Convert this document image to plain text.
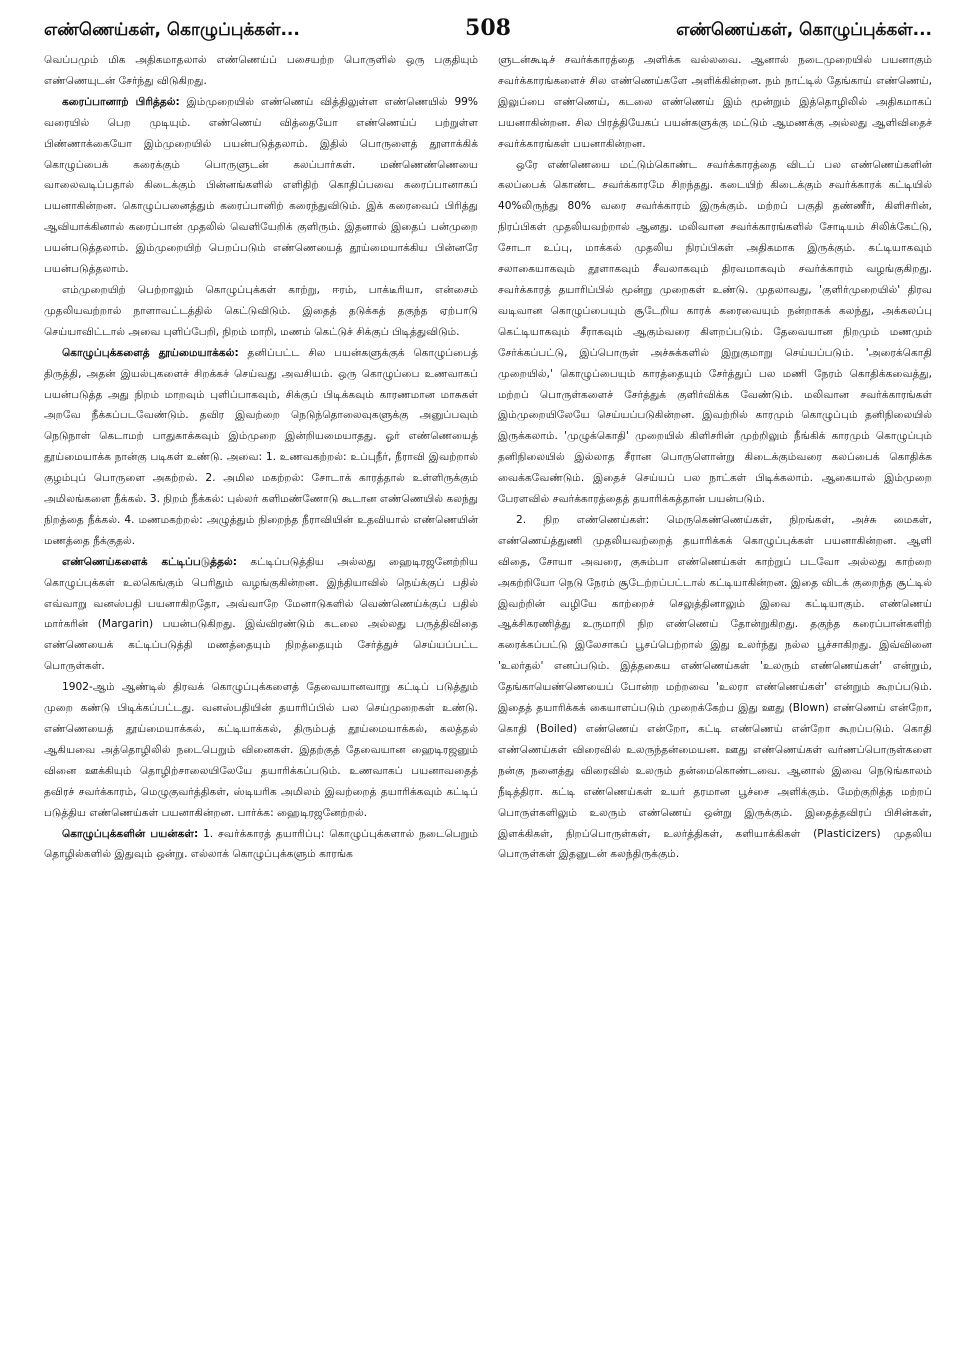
எண்ணெய்கள், கொழுப்புக்கள்...	508	எண்ணெய்கள், கொழுப்புக்கள்...

வெப்பமும் மிக அதிகமாதலால் எண்ணெய்ப் பசையற்ற பொருளில் ஒரு பகுதியும் எண்ணெயுடன் சேர்ந்து விடுகிறது.

கரைப்பானாற் பிரித்தல்: இம்முறையில் எண்ணெய் வித்திலுள்ள எண்ணெயில் 99% வரையில் பெற முடியும். எண்ணெய் வித்தையோ எண்ணெய்ப் பற்றுள்ள பிண்ணாக்கையோ இம்முறையில் பயன்படுத்தலாம். இதில் பொருளைத் தூளாக்கிக் கொழுப்பைக் கரைக்கும் பொருளுடன் கலப்பார்கள். மண்ணெண்ணெயை வாலைவடிப்பதால் கிடைக்கும் பின்னங்களில் எளிதிற் கொதிப்பவை கரைப்பானாகப் பயனாகின்றன. கொழுப்பனைத்தும் கரைப்பானிற் கரைந்துவிடும். இக் கரைவைப் பிரித்து ஆவியாக்கினால் கரைப்பான் முதலில் வெளியேறிக் குளிரும். இதனால் இதைப் பன்முறை பயன்படுத்தலாம். இம்முறையிற் பெறப்படும் எண்ணெயைத் தூய்மையாக்கிய பின்னரே பயன்படுத்தலாம்.

எம்முறையிற் பெற்றாலும் கொழுப்புக்கள் காற்று, ஈரம், பாக்டீரியா, என்சைம் முதலியவற்றால் நாளாவட்டத்தில் கெட்டுவிடும். இதைத் தடுக்கத் தகுந்த ஏற்பாடு செய்யாவிட்டால் அவை புளிப்பேறி, நிறம் மாறி, மணம் கெட்டுச் சிக்குப் பிடித்துவிடும்.

கொழுப்புக்களைத் தூய்மையாக்கல்: தனிப்பட்ட சில பயன்களுக்குக் கொழுப்பைத் திருத்தி, அதன் இயல்புகளைச் சிறக்கச் செய்வது அவசியம். ஒரு கொழுப்பை உணவாகப் பயன்படுத்த அது நிறம் மாறவும் புளிப்பாகவும், சிக்குப் பிடிக்கவும் காரணமான மாசுகள் அறவே நீக்கப்படவேண்டும். தவிர இவற்றை நெடுந்தொலைவுகளுக்கு அனுப்பவும் நெடுநாள் கெடாமற் பாதுகாக்கவும் இம்முறை இன்றியமையாதது. ஓர் எண்ணெயைத் தூய்மையாக்க நான்கு படிகள் உண்டு. அவை: 1. உணவகற்றல்: உப்புநீர், நீராவி இவற்றால் குழம்புப் பொருளை அகற்றல். 2. அமில மகற்றல்: சோடாக் காரத்தால் உள்ளிருக்கும் அமிலங்களை நீக்கல். 3. நிறம் நீக்கல்: புல்லர் களிமண்ணோடு கூடான எண்ணெயில் கலந்து நிறத்தை நீக்கல். 4. மணமகற்றல்: அழுத்தும் நிறைந்த நீராவியின் உதவியால் எண்ணெயின் மணத்தை நீக்குதல்.

எண்ணெய்களைக் கட்டிப்படுத்தல்: கட்டிப்படுத்திய அல்லது ஹைடிரஜனேற்றிய கொழுப்புக்கள் உலகெங்கும் பெரிதும் வழங்குகின்றன. இந்தியாவில் நெய்க்குப் பதில் எவ்வாறு வனஸ்பதி பயனாகிறதோ, அவ்வாறே மேனாடுகளில் வெண்ணெய்க்குப் பதில் மார்கரின் (Margarin) பயன்படுகிறது. இவ்விரண்டும் கடலை அல்லது பருத்திவிதை எண்ணெயைக் கட்டிப்படுத்தி மணத்தையும் நிறத்தையும் சேர்த்துச் செய்யப்பட்ட பொருள்கள்.

1902-ஆம் ஆண்டில் திரவக் கொழுப்புக்களைத் தேவையானவாறு கட்டிப் படுத்தும் முறை கண்டு பிடிக்கப்பட்டது. வனஸ்பதியின் தயாரிப்பில் பல செய்முறைகள் உண்டு. எண்ணெயைத் தூய்மையாக்கல், கட்டியாக்கல், திரும்பத் தூய்மையாக்கல், கலத்தல் ஆகியவை அத்தொழிலில் நடைபெறும் வினைகள். இதற்குத் தேவையான ஹைடிரஜனும் வினை ஊக்கியும் தொழிற்சாலையிலேயே தயாரிக்கப்படும். உணவாகப் பயனாவதைத் தவிரச் சவர்க்காரம், மெழுகுவர்த்திகள், ஸ்டியரிக அமிலம் இவற்றைத் தயாரிக்கவும் கட்டிப் படுத்திய எண்ணெய்கள் பயனாகின்றன. பார்க்க: ஹைடிரஜனேற்றல்.

கொழுப்புக்களின் பயன்கள்: 1. சவர்க்காரத் தயாரிப்பு: கொழுப்புக்களால் நடைபெறும் தொழில்களில் இதுவும் ஒன்று. எல்லாக் கொழுப்புக்களும் காரங்க

ளுடன்கூடிச் சவர்க்காரத்தை அளிக்க வல்லவை. ஆனால் நடைமுறையில் பயனாகும் சவர்க்காரங்களைச் சில எண்ணெய்களே அளிக்கின்றன. நம் நாட்டில் தேங்காய் எண்ணெய், இலுப்பை எண்ணெய், கடலை எண்ணெய் இம் மூன்றும் இத்தொழிலில் அதிகமாகப் பயனாகின்றன. சில பிரத்தியேகப் பயன்களுக்கு மட்டும் ஆமணக்கு அல்லது ஆளிவிதைச் சவர்க்காரங்கள் பயனாகின்றன.

ஒரே எண்ணெயை மட்டும்கொண்ட சவர்க்காரத்தை விடப் பல எண்ணெய்களின் கலப்பைக் கொண்ட சவர்க்காரமே சிறந்தது. கடையிற் கிடைக்கும் சவர்க்காரக் கட்டியில் 40%லிருந்து 80% வரை சவர்க்காரம் இருக்கும். மற்றப் பகுதி தண்ணீர், கிளிசரின், நிரப்பிகள் முதலியவற்றால் ஆனது. மலிவான சவர்க்காரங்களில் சோடியம் சிலிக்கேட்டு, சோடா உப்பு, மாக்கல் முதலிய நிரப்பிகள் அதிகமாக இருக்கும். கட்டியாகவும் சலாகையாகவும் தூளாகவும் சீவலாகவும் திரவமாகவும் சவர்க்காரம் வழங்குகிறது. சவர்க்காரத் தயாரிப்பில் மூன்று முறைகள் உண்டு. முதலாவது, 'குளிர்முறையில்' திரவ வடிவான கொழுப்பையும் சூடேறிய காரக் கரைவையும் நன்றாகக் கலந்து, அக்கலப்பு கெட்டியாகவும் சீராகவும் ஆகும்வரை கிளறப்படும். தேவையான நிறமும் மணமும் சேர்க்கப்பட்டு, இப்பொருள் அச்சுக்களில் இறுகுமாறு செய்யப்படும். 'அரைக்கொதி முறையில்,' கொழுப்பையும் காரத்தையும் சேர்த்துப் பல மணி நேரம் கொதிக்கவைத்து, மற்றப் பொருள்களைச் சேர்த்துக் குளிர்விக்க வேண்டும். மலிவான சவர்க்காரங்கள் இம்முறையிலேயே செய்யப்படுகின்றன. இவற்றில் காரமும் கொழுப்பும் தனிநிலையில் இருக்கலாம். 'முழுக்கொதி' முறையில் கிளிசரின் முற்றிலும் நீங்கிக் காரமும் கொழுப்பும் தனிநிலையில் இல்லாத சீரான பொருளொன்று கிடைக்கும்வரை கலப்பைக் கொதிக்க வைக்கவேண்டும். இதைச் செய்யப் பல நாட்கள் பிடிக்கலாம். ஆகையால் இம்முறை பேரளவில் சவர்க்காரத்தைத் தயாரிக்கத்தான் பயன்படும்.

2. நிற எண்ணெய்கள்: மெருகெண்ணெய்கள், நிறங்கள், அச்சு மைகள், எண்ணெய்த்துணி முதலியவற்றைத் தயாரிக்கக் கொழுப்புக்கள் பயனாகின்றன. ஆளி விதை, சோயா அவரை, குசும்பா எண்ணெய்கள் காற்றுப் படவோ அல்லது காற்றை அகற்றியோ நெடு நேரம் சூடேற்றப்பட்டால் கட்டியாகின்றன. இதை விடக் குறைந்த சூட்டில் இவற்றின் வழியே காற்றைச் செலுத்தினாலும் இவை கட்டியாகும். எண்ணெய் ஆக்சிகரணித்து உருமாறி நிற எண்ணெய் தோன்றுகிறது. தகுந்த கரைப்பான்களிற் கரைக்கப்பட்டு இலேசாகப் பூசப்பெற்றால் இது உலர்ந்து நல்ல பூச்சாகிறது. இவ்வினை 'உலர்தல்' எனப்படும். இத்தகைய எண்ணெய்கள் 'உலரும் எண்ணெய்கள்' என்றும், தேங்காயெண்ணெயைப் போன்ற மற்றவை 'உலரா எண்ணெய்கள்' என்றும் கூறப்படும். இதைத் தயாரிக்கக் கையாளப்படும் முறைக்கேற்ப இது ஊது (Blown) எண்ணெய் என்றோ, கொதி (Boiled) எண்ணெய் என்றோ, கட்டி எண்ணெய் என்றோ கூறப்படும். கொதி எண்ணெய்கள் விரைவில் உலருந்தன்மையன. ஊது எண்ணெய்கள் வர்ணப்பொருள்களை நன்கு நனைத்து விரைவில் உலரும் தன்மைகொண்டவை. ஆனால் இவை நெடுங்காலம் நீடித்திரா. கட்டி எண்ணெய்கள் உயர் தரமான பூச்சை அளிக்கும். மேற்குறித்த மற்றப் பொருள்களிலும் உலரும் எண்ணெய் ஒன்று இருக்கும். இதைத்தவிரப் பிசின்கள், இளக்கிகள், நிறப்பொருள்கள், உலர்த்திகள், களியாக்கிகள் (Plasticizers) முதலிய பொருள்கள் இதனுடன் கலந்திருக்கும்.
